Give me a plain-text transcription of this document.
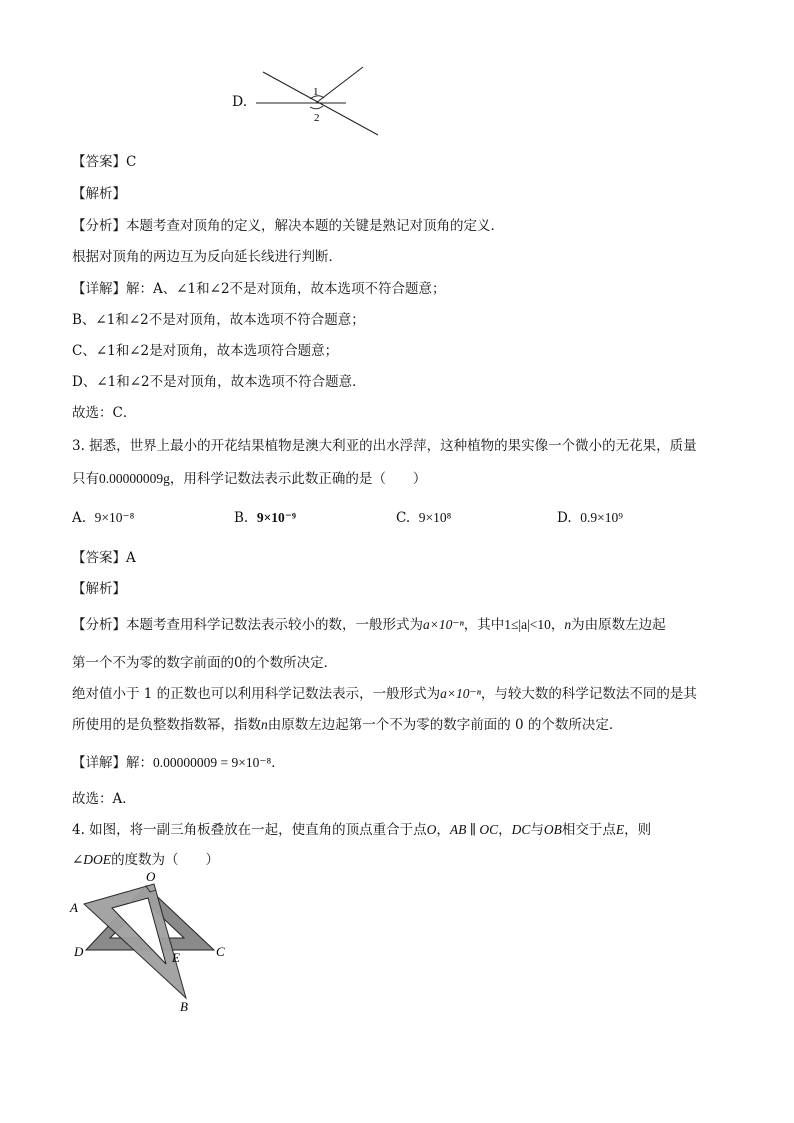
D.
1
2
【答案】C
【解析】
【分析】本题考查对顶角的定义，解决本题的关键是熟记对顶角的定义．
根据对顶角的两边互为反向延长线进行判断．
【详解】解：A、∠1和∠2不是对顶角，故本选项不符合题意；
B、∠1和∠2不是对顶角，故本选项不符合题意；
C、∠1和∠2是对顶角，故本选项符合题意；
D、∠1和∠2不是对顶角，故本选项不符合题意．
故选：C．
3. 据悉，世界上最小的开花结果植物是澳大利亚的出水浮萍，这种植物的果实像一个微小的无花果，质量
只有0.00000009g，用科学记数法表示此数正确的是（　　）
A. 9×10⁻⁸	B. 9×10⁻⁹	C. 9×10⁸	D. 0.9×10⁹
【答案】A
【解析】
【分析】本题考查用科学记数法表示较小的数，一般形式为a×10⁻ⁿ，其中1≤|a|<10，n为由原数左边起
第一个不为零的数字前面的0的个数所决定．
绝对值小于 1 的正数也可以利用科学记数法表示，一般形式为a×10⁻ⁿ，与较大数的科学记数法不同的是其
所使用的是负整数指数幂，指数n由原数左边起第一个不为零的数字前面的 0 的个数所决定．
【详解】解：0.00000009 = 9×10⁻⁸．
故选：A．
4. 如图，将一副三角板叠放在一起，使直角的顶点重合于点O，AB ∥ OC，DC与OB相交于点E，则
∠DOE的度数为（　　）
O
A
D	C
E
B
